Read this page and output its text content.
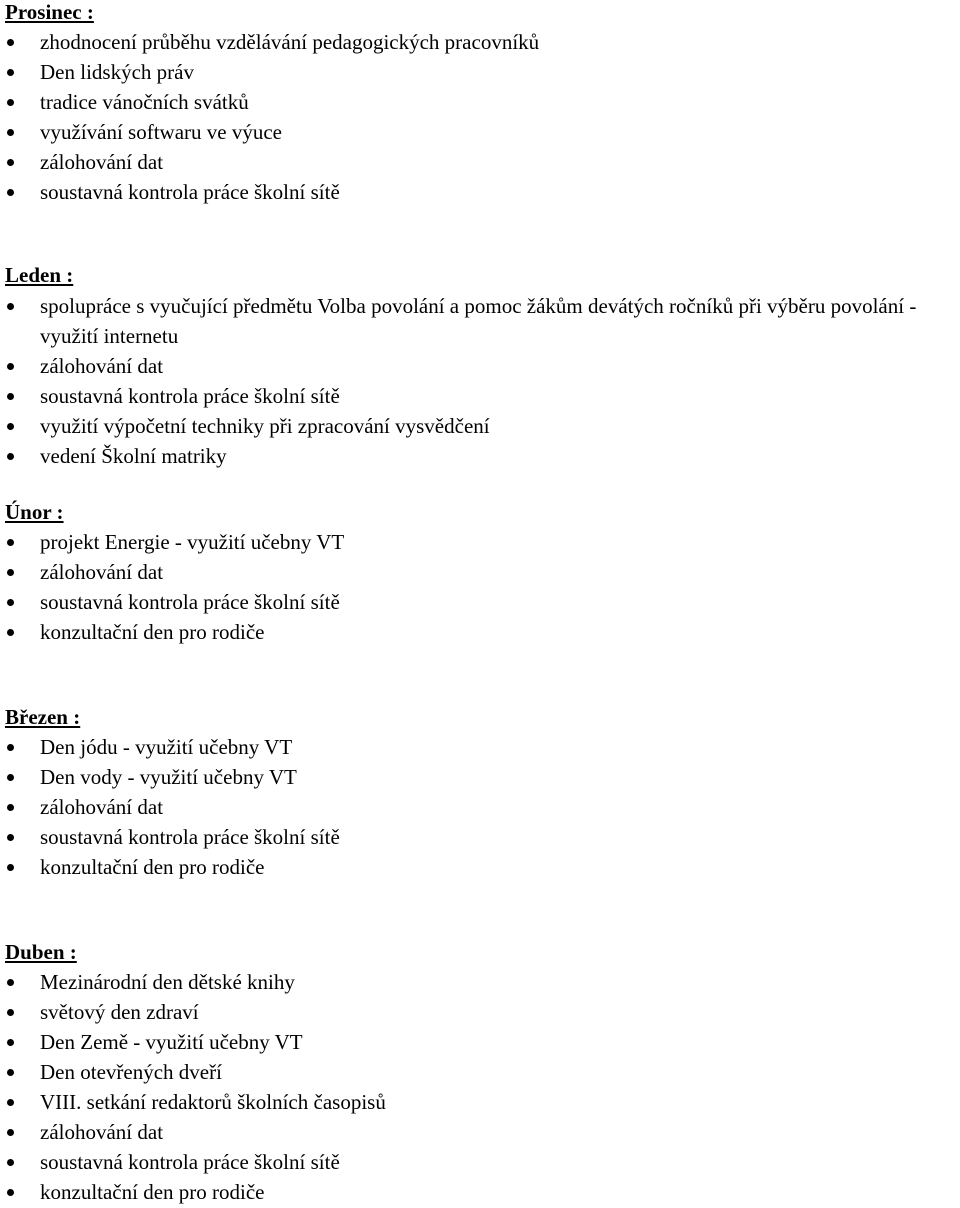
Prosinec :
zhodnocení průběhu vzdělávání pedagogických pracovníků
Den lidských práv
tradice vánočních svátků
využívání softwaru ve výuce
zálohování dat
soustavná kontrola práce školní sítě
Leden :
spolupráce s vyučující předmětu Volba povolání a pomoc žákům devátých ročníků při výběru povolání - využití internetu
zálohování dat
soustavná kontrola práce školní sítě
využití výpočetní techniky při zpracování vysvědčení
vedení Školní matriky
Únor :
projekt Energie - využití učebny VT
zálohování dat
soustavná kontrola práce školní sítě
konzultační den pro rodiče
Březen :
Den jódu - využití učebny VT
Den vody - využití učebny VT
zálohování dat
soustavná kontrola práce školní sítě
konzultační den pro rodiče
Duben :
Mezinárodní den dětské knihy
světový den zdraví
Den Země - využití učebny VT
Den otevřených dveří
VIII. setkání redaktorů školních časopisů
zálohování dat
soustavná kontrola práce školní sítě
konzultační den pro rodiče
